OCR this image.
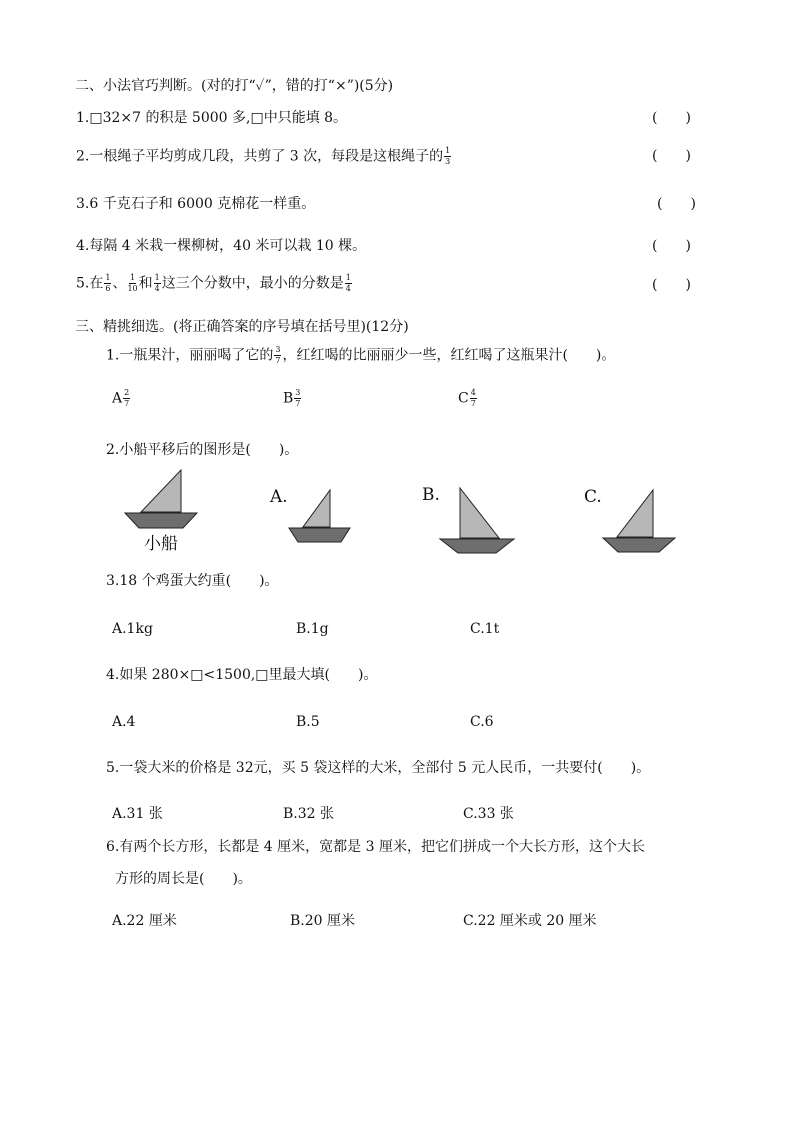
二、小法官巧判断。(对的打“✓”，错的打“×”)(5分)
1.□32×7 的积是 5000 多,□中只能填 8。	(　　)
2.一根绳子平均剪成几段，共剪了 3 次，每段是这根绳子的 $\frac{1}{3}$	(　　)
3.6 千克石子和 6000 克棉花一样重。	(　　)
4.每隔 4 米栽一棵柳树，40 米可以栽 10 棵。	(　　)
5.在 $\frac{1}{6}$ 、 $\frac{1}{10}$ 和 $\frac{1}{4}$ 这三个分数中，最小的分数是 $\frac{1}{4}$	(　　)
三、精挑细选。(将正确答案的序号填在括号里)(12分)
1.一瓶果汁，丽丽喝了它的 $\frac{3}{7}$ ，红红喝的比丽丽少一些，红红喝了这瓶果汁(　　)。
A $\frac{2}{7}$	B $\frac{3}{7}$	C $\frac{4}{7}$
2.小船平移后的图形是(　　)。
小船
A.	B.	C.
3.18 个鸡蛋大约重(　　)。
A.1kg	B.1g	C.1t
4.如果 280×□<1500,□里最大填(　　)。
A.4	B.5	C.6
5.一袋大米的价格是 32元，买 5 袋这样的大米，全部付 5 元人民币，一共要付(　　)。
A.31 张	B.32 张	C.33 张
6.有两个长方形，长都是 4 厘米，宽都是 3 厘米，把它们拼成一个大长方形，这个大长
方形的周长是(　　)。
A.22 厘米	B.20 厘米	C.22 厘米或 20 厘米
